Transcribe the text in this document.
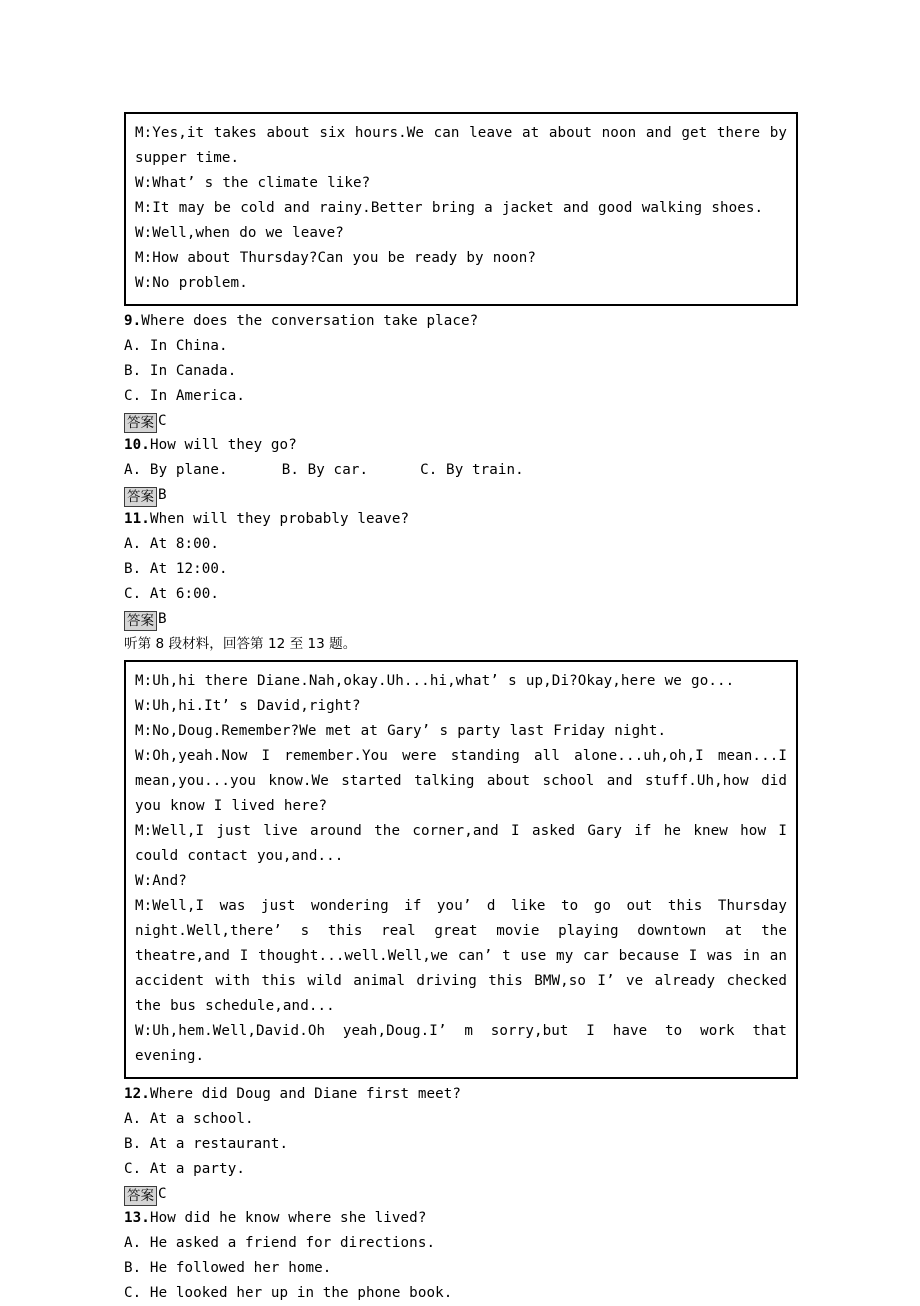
M:Yes,it takes about six hours.We can leave at about noon and get there by supper time.

W:What’ s the climate like?

M:It may be cold and rainy.Better bring a jacket and good walking shoes.

W:Well,when do we leave?

M:How about Thursday?Can you be ready by noon?

W:No problem.

9.Where does the conversation take place?
A. In China.
B. In Canada.
C. In America.
答案 C
10.How will they go?
A. By plane.	B. By car.	C. By train.
答案 B
11.When will they probably leave?
A. At 8:00.
B. At 12:00.
C. At 6:00.
答案 B
听第 8 段材料，回答第 12 至 13 题。

M:Uh,hi there Diane.Nah,okay.Uh...hi,what’ s up,Di?Okay,here we go...

W:Uh,hi.It’ s David,right?

M:No,Doug.Remember?We met at Gary’ s party last Friday night.

W:Oh,yeah.Now I remember.You were standing all alone...uh,oh,I mean...I mean,you...you know.We started talking about school and stuff.Uh,how did you know I lived here?

M:Well,I just live around the corner,and I asked Gary if he knew how I could contact you,and...

W:And?

M:Well,I was just wondering if you’ d like to go out this Thursday night.Well,there’ s this real great movie playing downtown at the theatre,and I thought...well.Well,we can’ t use my car because I was in an accident with this wild animal driving this BMW,so I’ ve already checked the bus schedule,and...

W:Uh,hem.Well,David.Oh yeah,Doug.I’ m sorry,but I have to work that evening.

12.Where did Doug and Diane first meet?
A. At a school.
B. At a restaurant.
C. At a party.
答案 C
13.How did he know where she lived?
A. He asked a friend for directions.
B. He followed her home.
C. He looked her up in the phone book.
